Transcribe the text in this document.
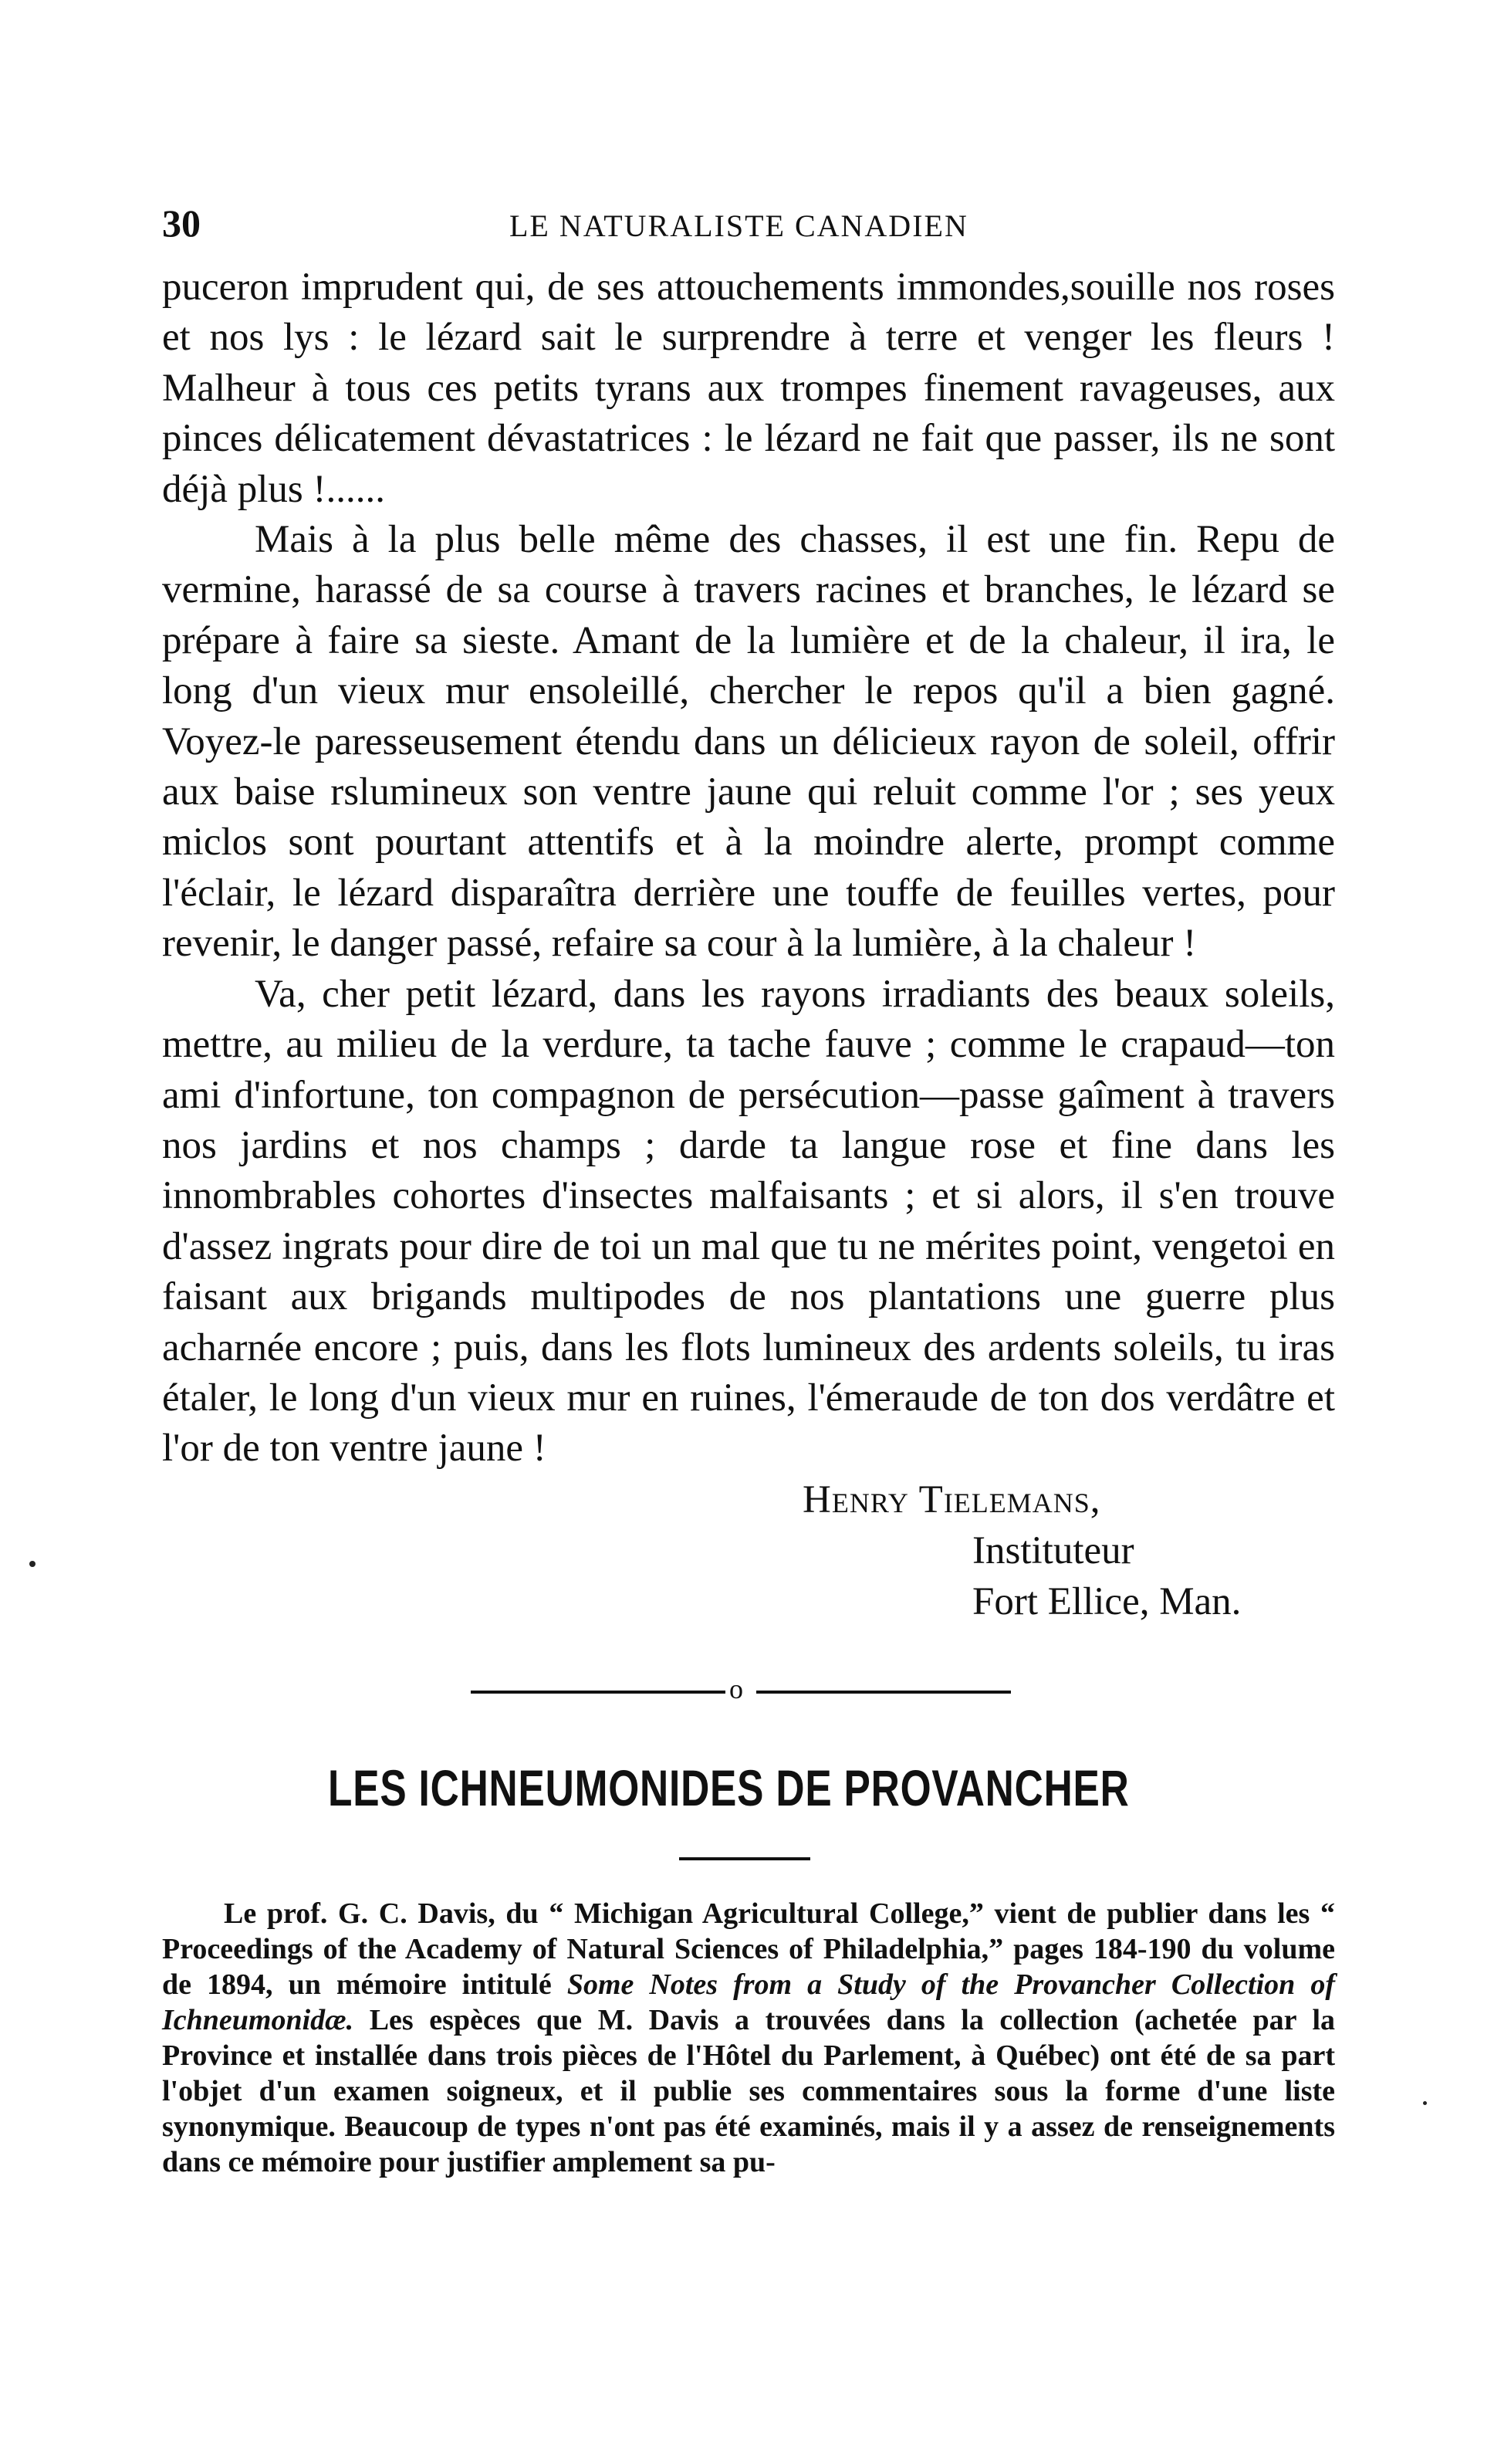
30	LE NATURALISTE CANADIEN

puceron imprudent qui, de ses attouchements immondes,souille nos roses et nos lys : le lézard sait le surprendre à terre et venger les fleurs ! Malheur à tous ces petits tyrans aux trompes finement ravageuses, aux pinces délicatement dévastatrices : le lézard ne fait que passer, ils ne sont déjà plus !......

Mais à la plus belle même des chasses, il est une fin. Repu de vermine, harassé de sa course à travers racines et branches, le lézard se prépare à faire sa sieste. Amant de la lumière et de la chaleur, il ira, le long d'un vieux mur ensoleillé, chercher le repos qu'il a bien gagné. Voyez-le paresseusement étendu dans un délicieux rayon de soleil, offrir aux baise rslumineux son ventre jaune qui reluit comme l'or ; ses yeux miclos sont pourtant attentifs et à la moindre alerte, prompt comme l'éclair, le lézard disparaîtra derrière une touffe de feuilles vertes, pour revenir, le danger passé, refaire sa cour à la lumière, à la chaleur !

Va, cher petit lézard, dans les rayons irradiants des beaux soleils, mettre, au milieu de la verdure, ta tache fauve ; comme le crapaud—ton ami d'infortune, ton compagnon de persécution—passe gaîment à travers nos jardins et nos champs ; darde ta langue rose et fine dans les innombrables cohortes d'insectes malfaisants ; et si alors, il s'en trouve d'assez ingrats pour dire de toi un mal que tu ne mérites point, vengetoi en faisant aux brigands multipodes de nos plantations une guerre plus acharnée encore ; puis, dans les flots lumineux des ardents soleils, tu iras étaler, le long d'un vieux mur en ruines, l'émeraude de ton dos verdâtre et l'or de ton ventre jaune !

Henry Tielemans,
Instituteur
Fort Ellice, Man.
o
LES ICHNEUMONIDES DE PROVANCHER

Le prof. G. C. Davis, du “ Michigan Agricultural College,” vient de publier dans les “ Proceedings of the Academy of Natural Sciences of Philadelphia,” pages 184-190 du volume de 1894, un mémoire intitulé Some Notes from a Study of the Provancher Collection of Ichneumonidæ. Les espèces que M. Davis a trouvées dans la collection (achetée par la Province et installée dans trois pièces de l'Hôtel du Parlement, à Québec) ont été de sa part l'objet d'un examen soigneux, et il publie ses commentaires sous la forme d'une liste synonymique. Beaucoup de types n'ont pas été examinés, mais il y a assez de renseignements dans ce mémoire pour justifier amplement sa pu-
